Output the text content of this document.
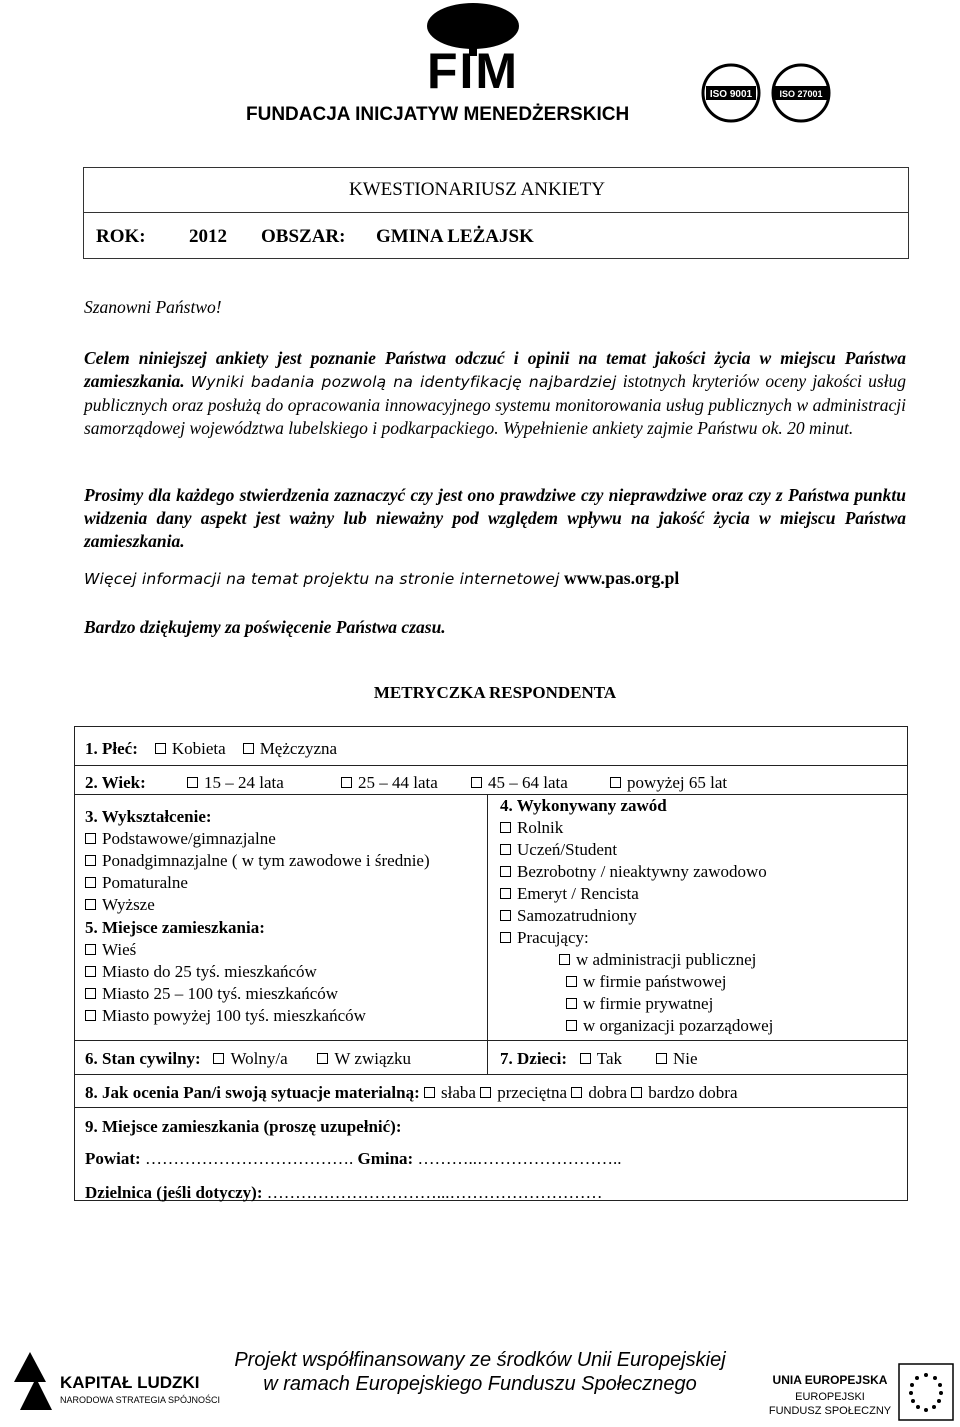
FIM
FUNDACJA INICJATYW MENEDŻERSKICH
ISO 9001	ISO 27001
KWESTIONARIUSZ ANKIETY
ROK: 2012 OBSZAR: GMINA LEŻAJSK
Szanowni Państwo!
Celem niniejszej ankiety jest poznanie Państwa odczuć i opinii na temat jakości życia w miejscu Państwa zamieszkania. Wyniki badania pozwolą na identyfikację najbardziej istotnych kryteriów oceny jakości usług publicznych oraz posłużą do opracowania innowacyjnego systemu monitorowania usług publicznych w administracji samorządowej województwa lubelskiego i podkarpackiego. Wypełnienie ankiety zajmie Państwu ok. 20 minut.
Prosimy dla każdego stwierdzenia zaznaczyć czy jest ono prawdziwe czy nieprawdziwe oraz czy z Państwa punktu widzenia dany aspekt jest ważny lub nieważny pod względem wpływu na jakość życia w miejscu Państwa zamieszkania.
Więcej informacji na temat projektu na stronie internetowej www.pas.org.pl
Bardzo dziękujemy za poświęcenie Państwa czasu.
METRYCZKA RESPONDENTA
1. Płeć: Kobieta Mężczyzna
2. Wiek:	15 – 24 lata	25 – 44 lata	45 – 64 lata	powyżej 65 lat
3. Wykształcenie:
Podstawowe/gimnazjalne
Ponadgimnazjalne ( w tym zawodowe i średnie)
Pomaturalne
Wyższe
5. Miejsce zamieszkania:
Wieś
Miasto do 25 tyś. mieszkańców
Miasto 25 – 100 tyś. mieszkańców
Miasto powyżej 100 tyś. mieszkańców
4. Wykonywany zawód
Rolnik
Uczeń/Student
Bezrobotny / nieaktywny zawodowo
Emeryt / Rencista
Samozatrudniony
Pracujący:
w administracji publicznej
w firmie państwowej
w firmie prywatnej
w organizacji pozarządowej
6. Stan cywilny: Wolny/a	W związku	7. Dzieci: Tak	Nie
8. Jak ocenia Pan/i swoją sytuacje materialną: słaba przeciętna dobra bardzo dobra
9. Miejsce zamieszkania (proszę uzupełnić):
Powiat: ………………………………. Gmina: ………..……………………..
Dzielnica (jeśli dotyczy): …………………………...………………………
KAPITAŁ LUDZKI
NARODOWA STRATEGIA SPÓJNOŚCI
Projekt współfinansowany ze środków Unii Europejskiej
w ramach Europejskiego Funduszu Społecznego	UNIA EUROPEJSKA
EUROPEJSKI
FUNDUSZ SPOŁECZNY
